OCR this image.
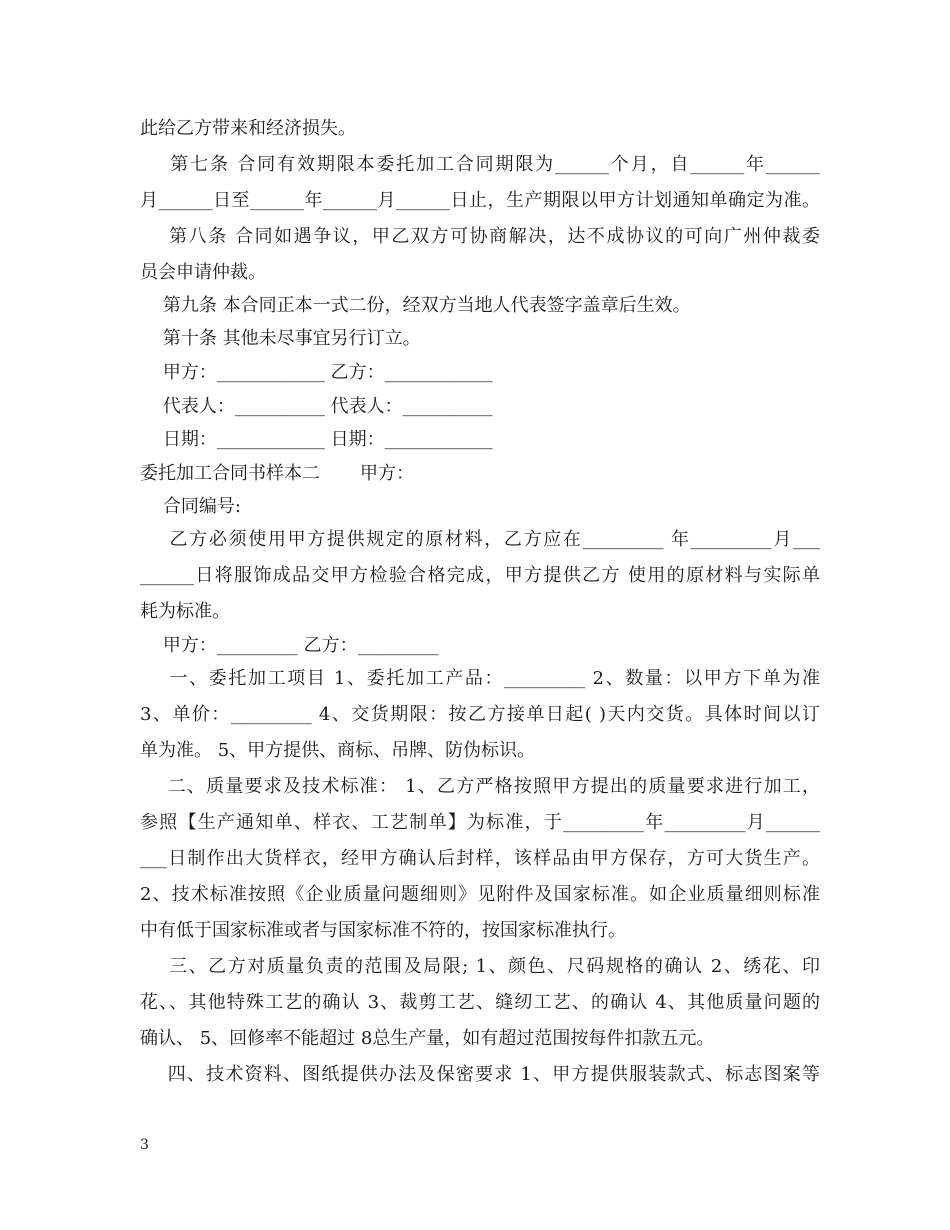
此给乙方带来和经济损失。
第七条 合同有效期限本委托加工合同期限为______个月，自______年______
月______日至______年______月______日止，生产期限以甲方计划通知单确定为准。
第八条 合同如遇争议，甲乙双方可协商解决，达不成协议的可向广州仲裁委
员会申请仲裁。
第九条 本合同正本一式二份，经双方当地人代表签字盖章后生效。
第十条 其他未尽事宜另行订立。
甲方：____________ 乙方：____________
代表人：__________ 代表人：__________
日期：____________ 日期：____________
委托加工合同书样本二       甲方：
合同编号:
乙方必须使用甲方提供规定的原材料，乙方应在_________ 年_________月___
______日将服饰成品交甲方检验合格完成，甲方提供乙方 使用的原材料与实际单
耗为标准。
甲方：_________ 乙方：_________
一、委托加工项目 1、委托加工产品：_________ 2、数量：以甲方下单为准
3、单价：_________ 4、交货期限：按乙方接单日起( )天内交货。具体时间以订
单为准。 5、甲方提供、商标、吊牌、防伪标识。
二、质量要求及技术标准： 1、乙方严格按照甲方提出的质量要求进行加工，
参照【生产通知单、样衣、工艺制单】为标准，于_________年_________月______
___日制作出大货样衣，经甲方确认后封样，该样品由甲方保存，方可大货生产。
2、技术标准按照《企业质量问题细则》见附件及国家标准。如企业质量细则标准
中有低于国家标准或者与国家标准不符的，按国家标准执行。
三、乙方对质量负责的范围及局限; 1、颜色、尺码规格的确认 2、绣花、印
花、、其他特殊工艺的确认 3、裁剪工艺、缝纫工艺、的确认 4、其他质量问题的
确认、 5、回修率不能超过 8总生产量，如有超过范围按每件扣款五元。
四、技术资料、图纸提供办法及保密要求 1、甲方提供服装款式、标志图案等
3
